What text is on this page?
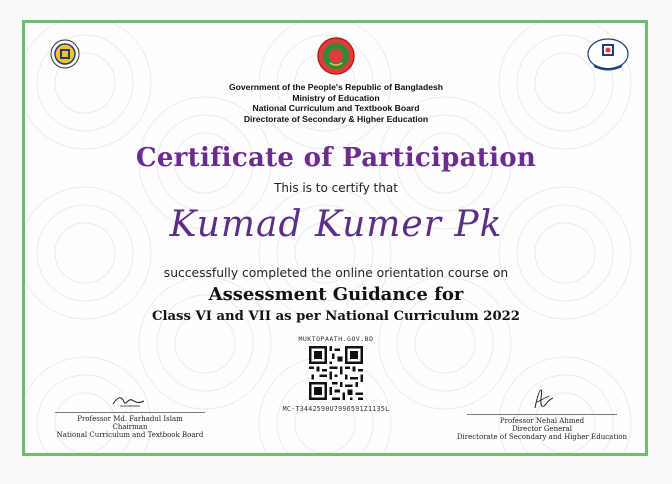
Government of the People's Republic of Bangladesh
Ministry of Education
National Curriculum and Textbook Board
Directorate of Secondary & Higher Education
Certificate of Participation
This is to certify that
Kumad Kumer Pk
successfully completed the online orientation course on
Assessment Guidance for
Class VI and VII as per National Curriculum 2022
MUKTOPAATH.GOV.BD
MC-T3442590U7996591Z1135L
Professor Md. Farhadul Islam
Chairman
National Curriculum and Textbook Board
Professor Nehal Ahmed
Director General
Directorate of Secondary and Higher Education
